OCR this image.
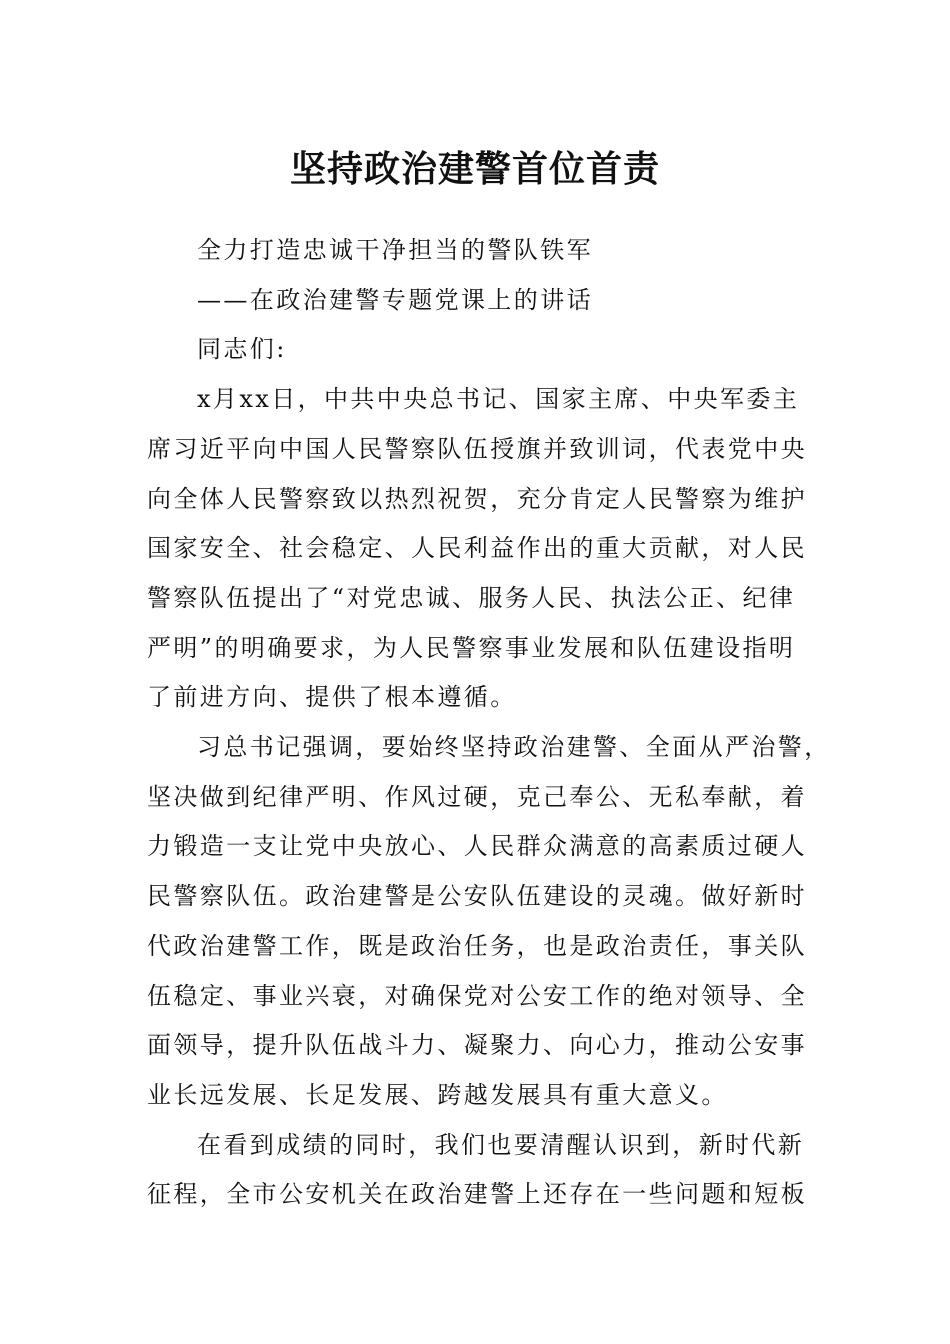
坚持政治建警首位首责

全力打造忠诚干净担当的警队铁军

——在政治建警专题党课上的讲话

同志们:

x月xx日，中共中央总书记、国家主席、中央军委主

席习近平向中国人民警察队伍授旗并致训词，代表党中央

向全体人民警察致以热烈祝贺，充分肯定人民警察为维护

国家安全、社会稳定、人民利益作出的重大贡献，对人民

警察队伍提出了“对党忠诚、服务人民、执法公正、纪律

严明”的明确要求，为人民警察事业发展和队伍建设指明

了前进方向、提供了根本遵循。

习总书记强调，要始终坚持政治建警、全面从严治警，

坚决做到纪律严明、作风过硬，克己奉公、无私奉献，着

力锻造一支让党中央放心、人民群众满意的高素质过硬人

民警察队伍。政治建警是公安队伍建设的灵魂。做好新时

代政治建警工作，既是政治任务，也是政治责任，事关队

伍稳定、事业兴衰，对确保党对公安工作的绝对领导、全

面领导，提升队伍战斗力、凝聚力、向心力，推动公安事

业长远发展、长足发展、跨越发展具有重大意义。

在看到成绩的同时，我们也要清醒认识到，新时代新

征程，全市公安机关在政治建警上还存在一些问题和短板
